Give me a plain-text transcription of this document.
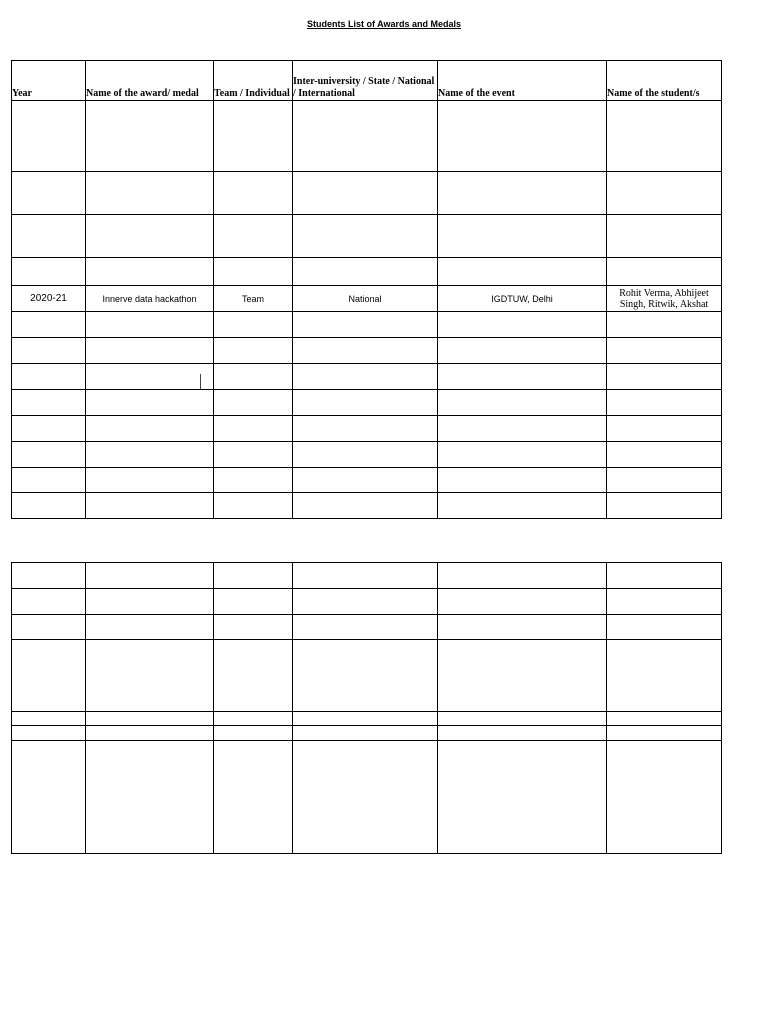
Students List of Awards and Medals
Year	Name of the award/ medal	Team / Individual	Inter-university / State / National / International	Name of the event	Name of the student/s

2020-21	Innerve data hackathon	Team	National	IGDTUW, Delhi	Rohit Verma, Abhijeet Singh, Ritwik, Akshat
